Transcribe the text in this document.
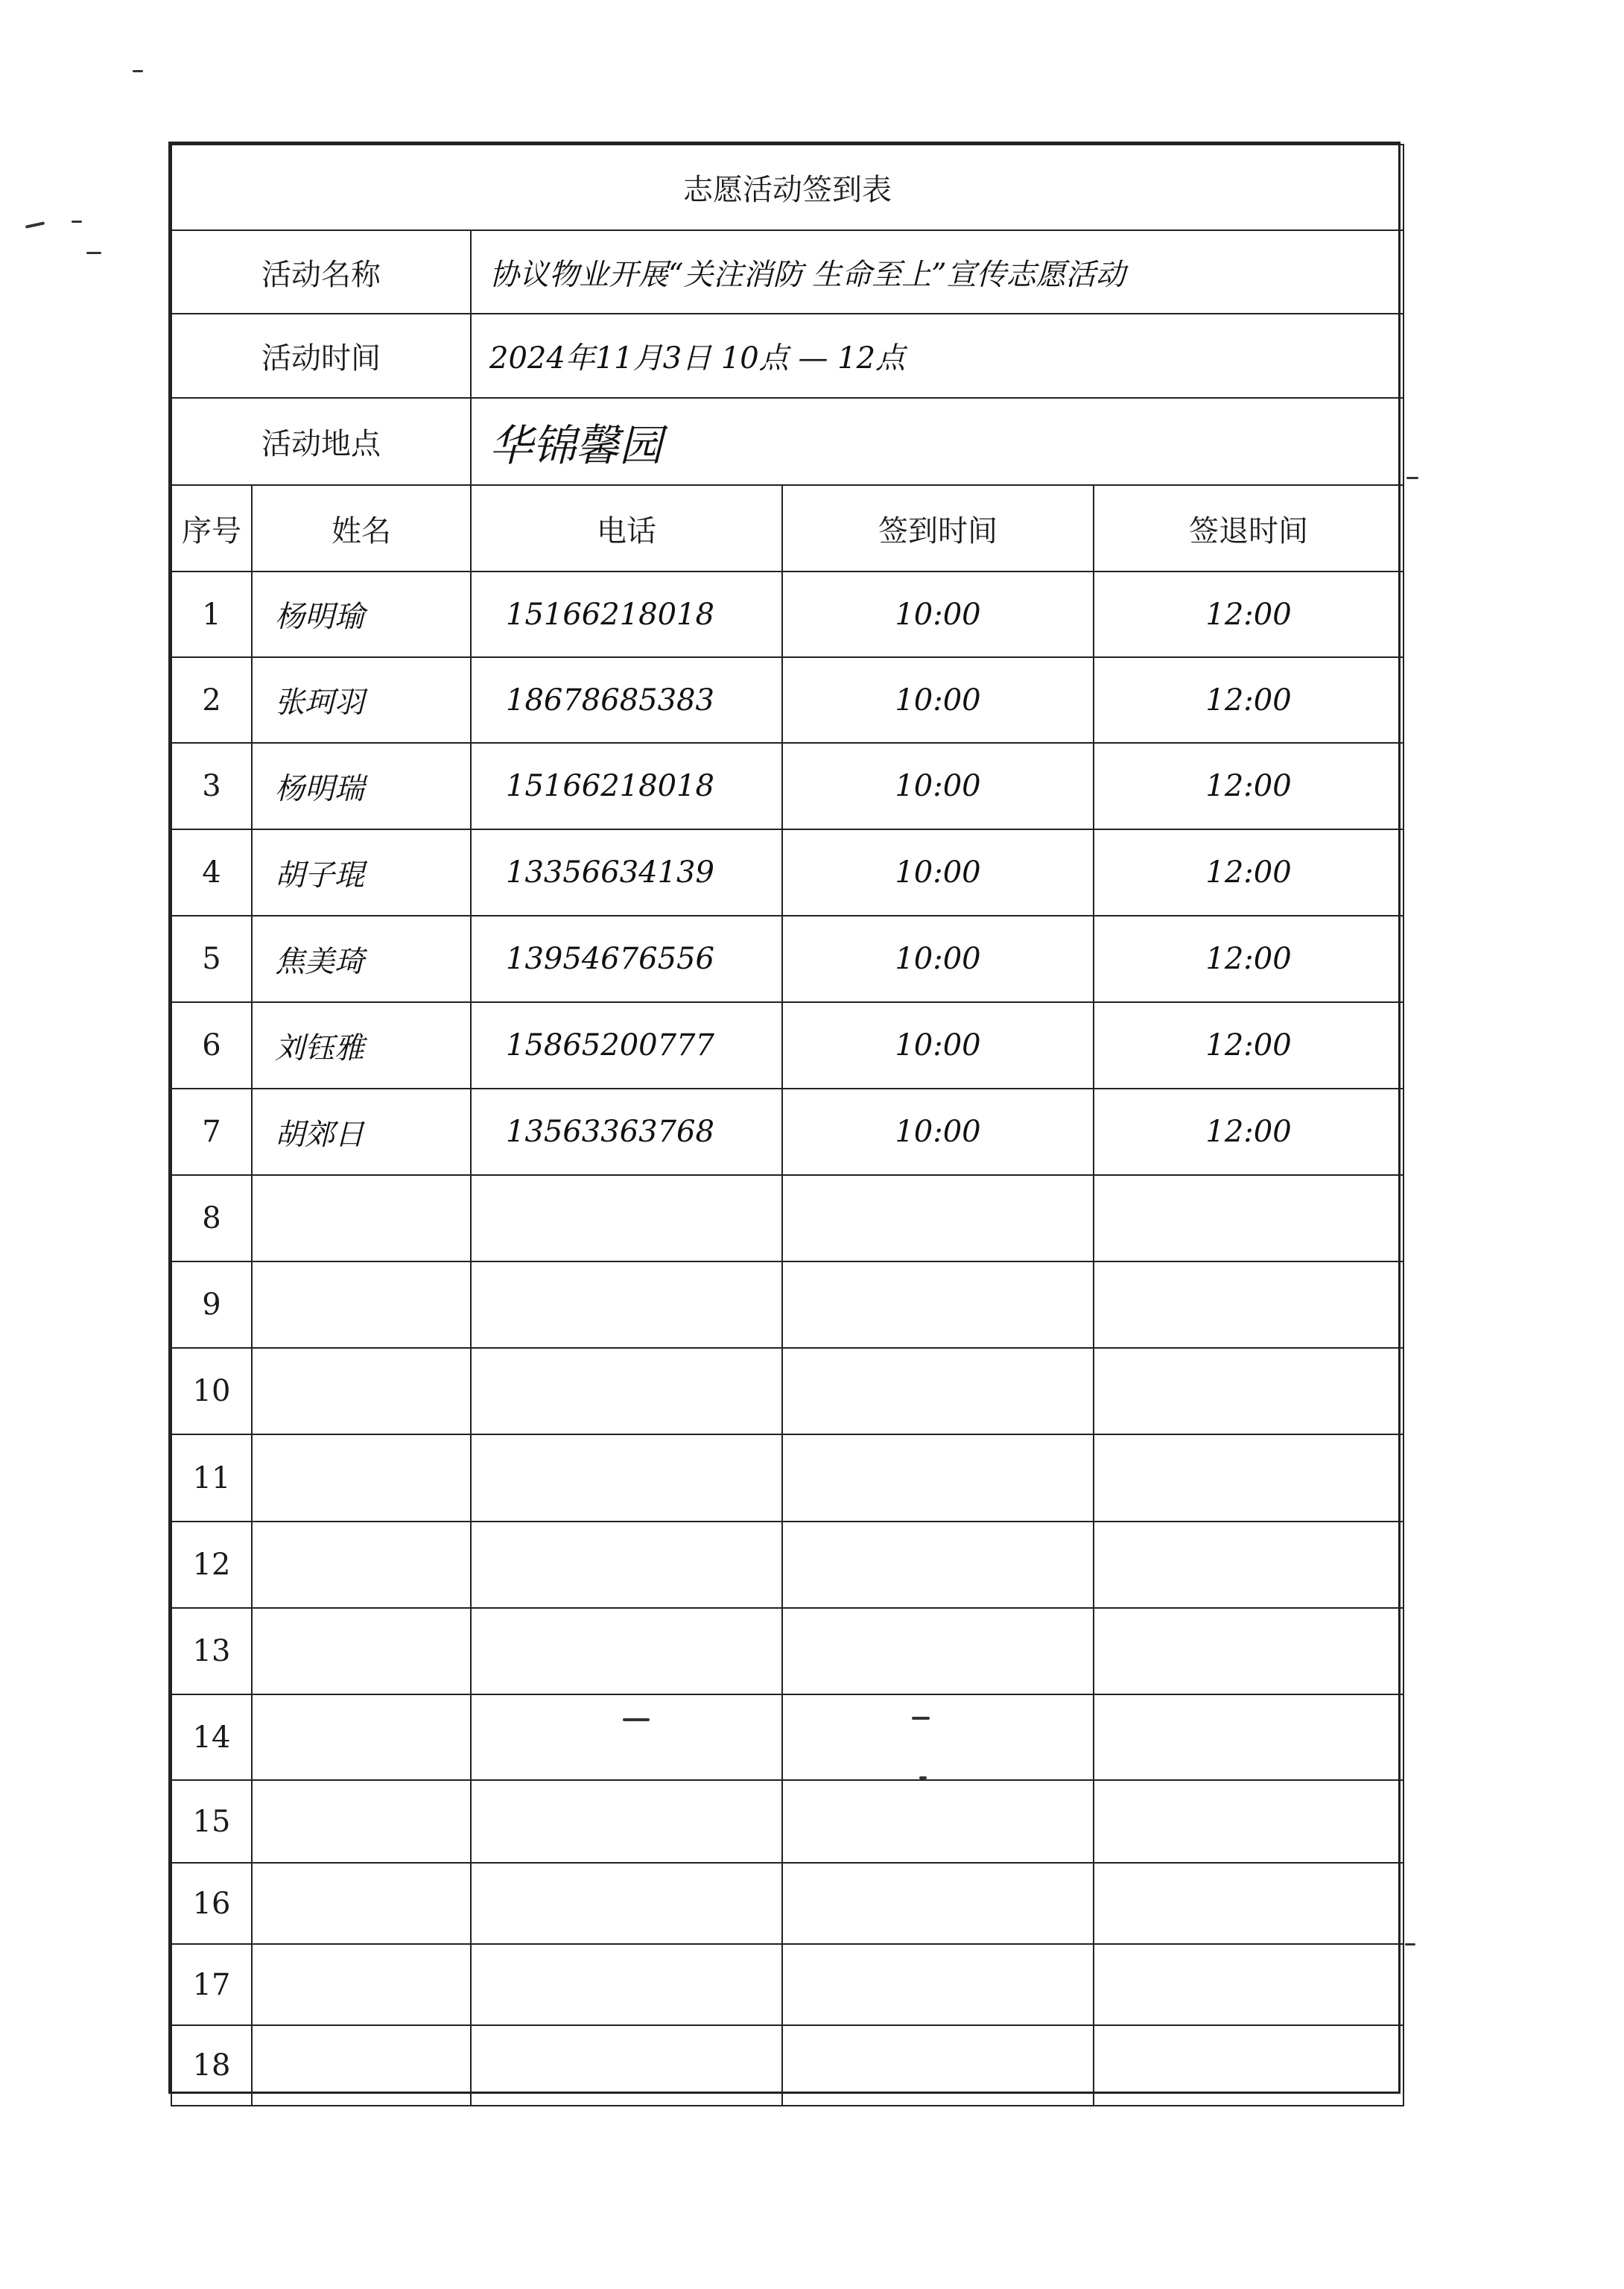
志愿活动签到表				
活动名称		协议物业开展“关注消防 生命至上”宣传志愿活动		
活动时间		2024年11月3日 10点 — 12点		
活动地点		华锦馨园		
序号	姓名	电话	签到时间	签退时间
1	杨明瑜	15166218018	10:00	12:00
2	张珂羽	18678685383	10:00	12:00
3	杨明瑞	15166218018	10:00	12:00
4	胡子琨	13356634139	10:00	12:00
5	焦美琦	13954676556	10:00	12:00
6	刘钰雅	15865200777	10:00	12:00
7	胡郊日	13563363768	10:00	12:00
8				
9				
10				
11				
12				
13				
14				
15				
16				
17				
18				
